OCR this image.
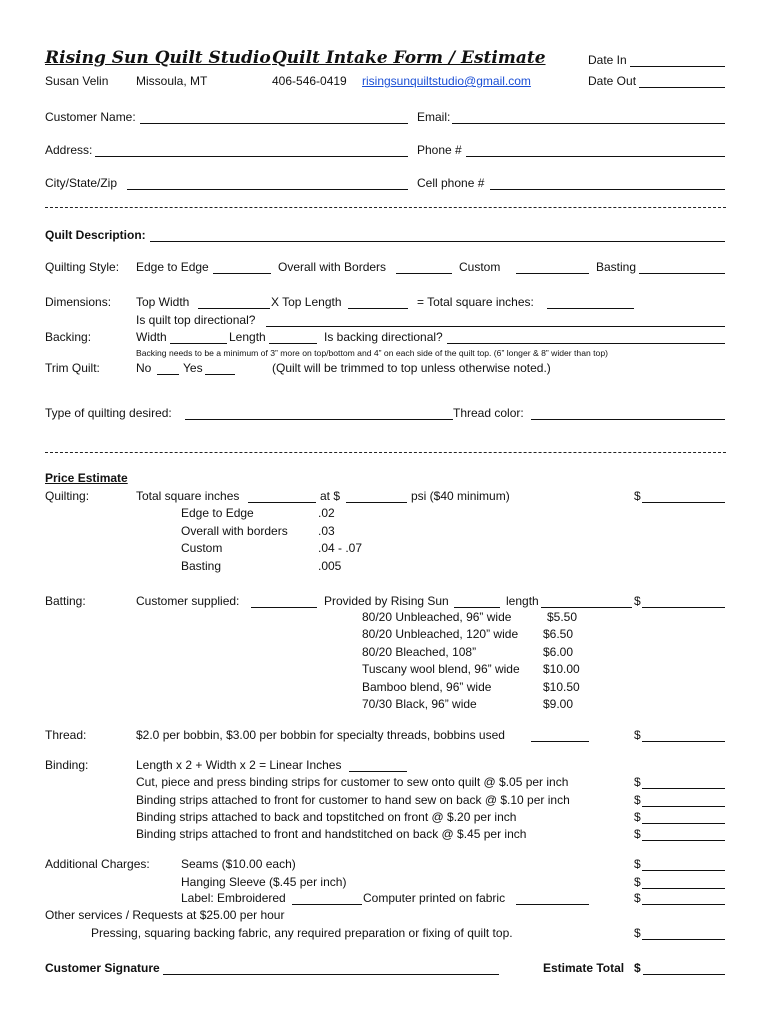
Rising Sun Quilt Studio Quilt Intake Form / Estimate	Date In
Susan Velin Missoula, MT	406-546-0419 risingsunquiltstudio@gmail.com	Date Out
Customer Name:	Email:
Address:	Phone #
City/State/Zip	Cell phone #
Quilt Description:
Quilting Style: Edge to Edge	Overall with Borders	Custom	Basting
Dimensions: Top Width	X Top Length	= Total square inches:
Is quilt top directional?
Backing:	Width	Length	Is backing directional?
Backing needs to be a minimum of 3” more on top/bottom and 4” on each side of the quilt top. (6” longer & 8” wider than top)
Trim Quilt:	No	Yes	(Quilt will be trimmed to top unless otherwise noted.)
Type of quilting desired:	Thread color:
Price Estimate
Quilting:	Total square inches	at $	psi ($40 minimum)	$
Edge to Edge	.02
Overall with borders	.03
Custom	.04 - .07
Basting	.005
Batting:	Customer supplied:	Provided by Rising Sun	length	$
80/20 Unbleached, 96” wide	$5.50
80/20 Unbleached, 120” wide $6.50
80/20 Bleached, 108”	$6.00
Tuscany wool blend, 96” wide $10.00
Bamboo blend, 96” wide	$10.50
70/30 Black, 96” wide	$9.00
Thread:	$2.0 per bobbin, $3.00 per bobbin for specialty threads, bobbins used	$
Binding:	Length x 2 + Width x 2 = Linear Inches
Cut, piece and press binding strips for customer to sew onto quilt @ $.05 per inch	$
Binding strips attached to front for customer to hand sew on back @ $.10 per inch	$
Binding strips attached to back and topstitched on front @ $.20 per inch	$
Binding strips attached to front and handstitched on back @ $.45 per inch	$
Additional Charges:	Seams ($10.00 each)	$
Hanging Sleeve ($.45 per inch)	$
Label: Embroidered	Computer printed on fabric	$
Other services / Requests at $25.00 per hour
Pressing, squaring backing fabric, any required preparation or fixing of quilt top.	$
Customer Signature	Estimate Total $
